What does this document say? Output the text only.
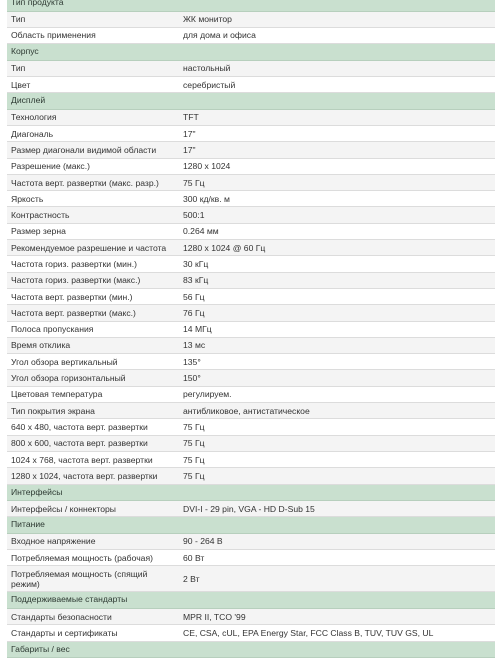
Тип продукта
Тип	ЖК монитор
Область применения	для дома и офиса
Корпус
Тип	настольный
Цвет	серебристый
Дисплей
Технология	TFT
Диагональ	17"
Размер диагонали видимой области	17"
Разрешение (макс.)	1280 x 1024
Частота верт. развертки (макс. разр.)	75 Гц
Яркость	300 кд/кв. м
Контрастность	500:1
Размер зерна	0.264 мм
Рекомендуемое разрешение и частота	1280 x 1024 @ 60 Гц
Частота гориз. развертки (мин.)	30 кГц
Частота гориз. развертки (макс.)	83 кГц
Частота верт. развертки (мин.)	56 Гц
Частота верт. развертки (макс.)	76 Гц
Полоса пропускания	14 МГц
Время отклика	13 мс
Угол обзора вертикальный	135°
Угол обзора горизонтальный	150°
Цветовая температура	регулируем.
Тип покрытия экрана	антибликовое, антистатическое
640 x 480, частота верт. развертки	75 Гц
800 x 600, частота верт. развертки	75 Гц
1024 x 768, частота верт. развертки	75 Гц
1280 x 1024, частота верт. развертки	75 Гц
Интерфейсы
Интерфейсы / коннекторы	DVI-I - 29 pin, VGA - HD D-Sub 15
Питание
Входное напряжение	90 - 264 В
Потребляемая мощность (рабочая)	60 Вт
Потребляемая мощность (спящий режим)	2 Вт
Поддерживаемые стандарты
Стандарты безопасности	MPR II, TCO '99
Стандарты и сертификаты	CE, CSA, cUL, EPA Energy Star, FCC Class B, TUV, TUV GS, UL
Габариты / вес
